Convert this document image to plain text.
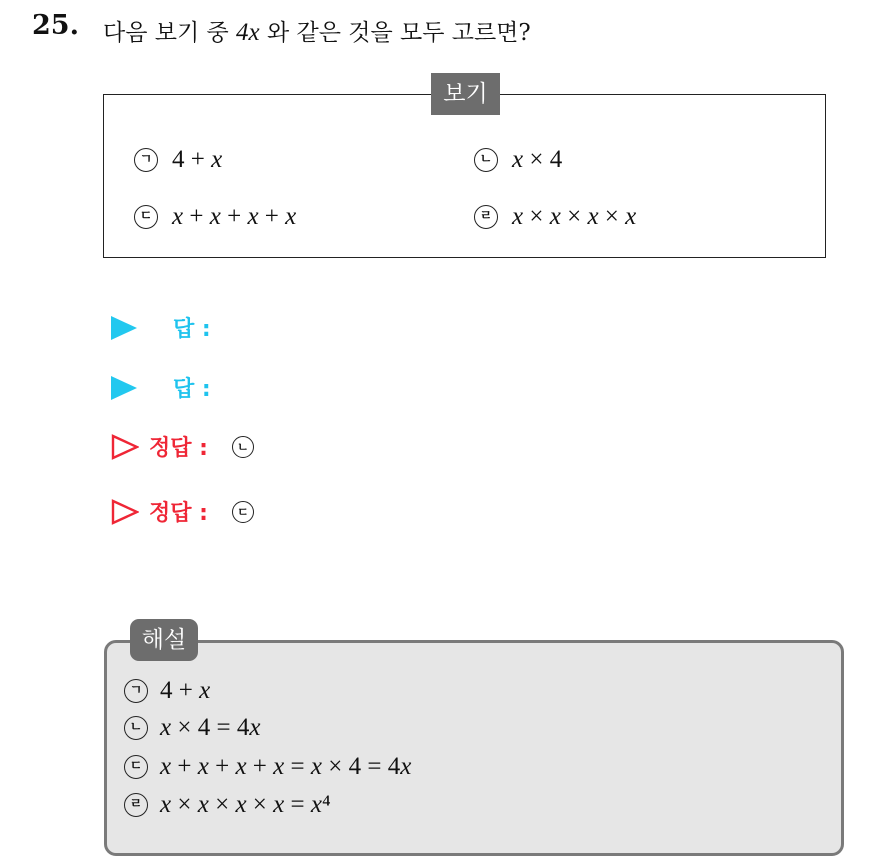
25. 다음 보기 중 4x 와 같은 것을 모두 고르면?
보기
ㄱ 4 + x	ㄴ x × 4
ㄷ x + x + x + x	ㄹ x × x × x × x
답 :
답 :
정답 :	ㄴ
정답 :	ㄷ
해설
ㄱ 4 + x
ㄴ x × 4 = 4x
ㄷ x + x + x + x = x × 4 = 4x
ㄹ x × x × x × x = x⁴
